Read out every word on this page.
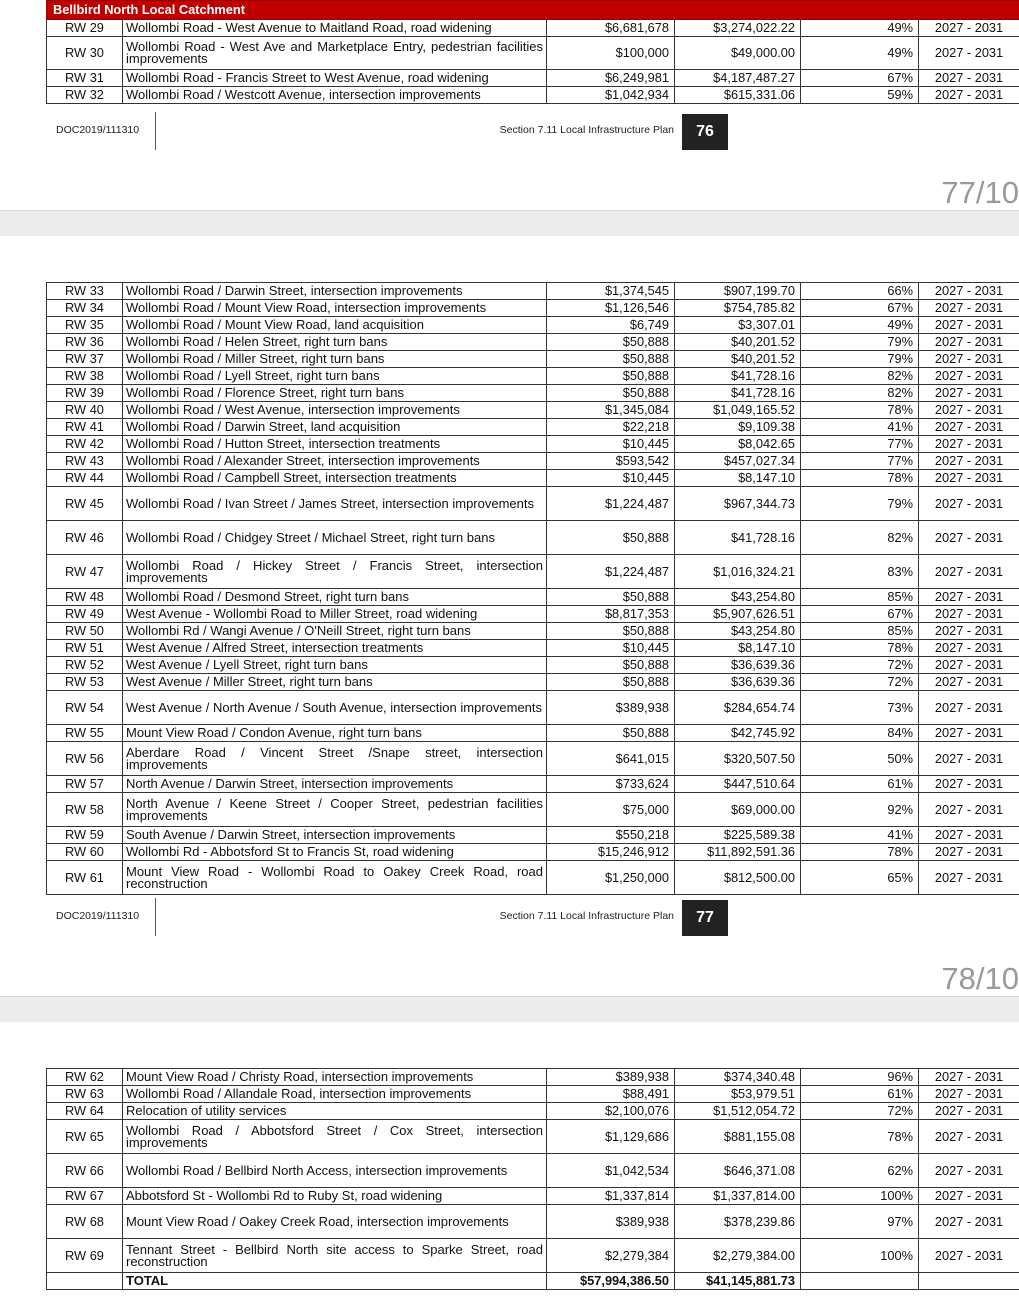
Bellbird North Local Catchment					
RW 29	Wollombi Road - West Avenue to Maitland Road, road widening	$6,681,678	$3,274,022.22	49%	2027 - 2031
RW 30	Wollombi Road - West Ave and Marketplace Entry, pedestrian facilities improvements	$100,000	$49,000.00	49%	2027 - 2031
RW 31	Wollombi Road - Francis Street to West Avenue, road widening	$6,249,981	$4,187,487.27	67%	2027 - 2031
RW 32	Wollombi Road / Westcott Avenue, intersection improvements	$1,042,934	$615,331.06	59%	2027 - 2031
DOC2019/111310	Section 7.11 Local Infrastructure Plan	76
77/10
RW 33	Wollombi Road / Darwin Street, intersection improvements	$1,374,545	$907,199.70	66%	2027 - 2031
RW 34	Wollombi Road / Mount View Road, intersection improvements	$1,126,546	$754,785.82	67%	2027 - 2031
RW 35	Wollombi Road / Mount View Road, land acquisition	$6,749	$3,307.01	49%	2027 - 2031
RW 36	Wollombi Road / Helen Street, right turn bans	$50,888	$40,201.52	79%	2027 - 2031
RW 37	Wollombi Road / Miller Street, right turn bans	$50,888	$40,201.52	79%	2027 - 2031
RW 38	Wollombi Road / Lyell Street, right turn bans	$50,888	$41,728.16	82%	2027 - 2031
RW 39	Wollombi Road / Florence Street, right turn bans	$50,888	$41,728.16	82%	2027 - 2031
RW 40	Wollombi Road / West Avenue, intersection improvements	$1,345,084	$1,049,165.52	78%	2027 - 2031
RW 41	Wollombi Road / Darwin Street, land acquisition	$22,218	$9,109.38	41%	2027 - 2031
RW 42	Wollombi Road / Hutton Street, intersection treatments	$10,445	$8,042.65	77%	2027 - 2031
RW 43	Wollombi Road / Alexander Street, intersection improvements	$593,542	$457,027.34	77%	2027 - 2031
RW 44	Wollombi Road / Campbell Street, intersection treatments	$10,445	$8,147.10	78%	2027 - 2031
RW 45	Wollombi Road / Ivan Street / James Street, intersection improvements	$1,224,487	$967,344.73	79%	2027 - 2031
RW 46	Wollombi Road / Chidgey Street / Michael Street, right turn bans	$50,888	$41,728.16	82%	2027 - 2031
RW 47	Wollombi Road / Hickey Street / Francis Street, intersection improvements	$1,224,487	$1,016,324.21	83%	2027 - 2031
RW 48	Wollombi Road / Desmond Street, right turn bans	$50,888	$43,254.80	85%	2027 - 2031
RW 49	West Avenue - Wollombi Road to Miller Street, road widening	$8,817,353	$5,907,626.51	67%	2027 - 2031
RW 50	Wollombi Rd / Wangi Avenue / O'Neill Street, right turn bans	$50,888	$43,254.80	85%	2027 - 2031
RW 51	West Avenue / Alfred Street, intersection treatments	$10,445	$8,147.10	78%	2027 - 2031
RW 52	West Avenue / Lyell Street, right turn bans	$50,888	$36,639.36	72%	2027 - 2031
RW 53	West Avenue / Miller Street, right turn bans	$50,888	$36,639.36	72%	2027 - 2031
RW 54	West Avenue / North Avenue / South Avenue, intersection improvements	$389,938	$284,654.74	73%	2027 - 2031
RW 55	Mount View Road / Condon Avenue, right turn bans	$50,888	$42,745.92	84%	2027 - 2031
RW 56	Aberdare Road / Vincent Street /Snape street, intersection improvements	$641,015	$320,507.50	50%	2027 - 2031
RW 57	North Avenue / Darwin Street, intersection improvements	$733,624	$447,510.64	61%	2027 - 2031
RW 58	North Avenue / Keene Street / Cooper Street, pedestrian facilities improvements	$75,000	$69,000.00	92%	2027 - 2031
RW 59	South Avenue / Darwin Street, intersection improvements	$550,218	$225,589.38	41%	2027 - 2031
RW 60	Wollombi Rd - Abbotsford St to Francis St, road widening	$15,246,912	$11,892,591.36	78%	2027 - 2031
RW 61	Mount View Road - Wollombi Road to Oakey Creek Road, road reconstruction	$1,250,000	$812,500.00	65%	2027 - 2031
DOC2019/111310	Section 7.11 Local Infrastructure Plan	77
78/10
RW 62	Mount View Road / Christy Road, intersection improvements	$389,938	$374,340.48	96%	2027 - 2031
RW 63	Wollombi Road / Allandale Road, intersection improvements	$88,491	$53,979.51	61%	2027 - 2031
RW 64	Relocation of utility services	$2,100,076	$1,512,054.72	72%	2027 - 2031
RW 65	Wollombi Road / Abbotsford Street / Cox Street, intersection improvements	$1,129,686	$881,155.08	78%	2027 - 2031
RW 66	Wollombi Road / Bellbird North Access, intersection improvements	$1,042,534	$646,371.08	62%	2027 - 2031
RW 67	Abbotsford St - Wollombi Rd to Ruby St, road widening	$1,337,814	$1,337,814.00	100%	2027 - 2031
RW 68	Mount View Road / Oakey Creek Road, intersection improvements	$389,938	$378,239.86	97%	2027 - 2031
RW 69	Tennant Street - Bellbird North site access to Sparke Street, road reconstruction	$2,279,384	$2,279,384.00	100%	2027 - 2031
	TOTAL	$57,994,386.50	$41,145,881.73		
